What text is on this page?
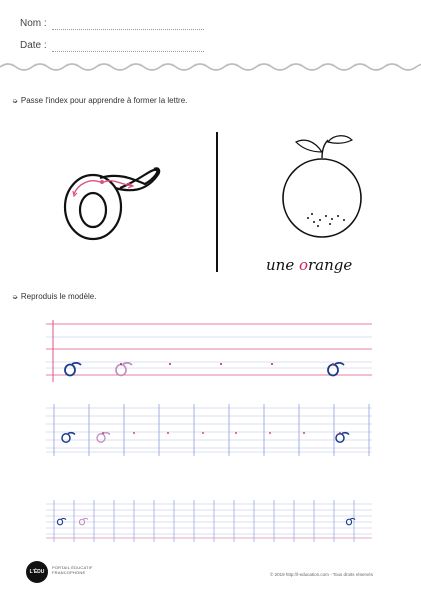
Nom :
Date :
➭ Passe l'index pour apprendre à former la lettre.
une orange
➭ Reproduis le modèle.
L'ÉDU
PORTAIL ÉDUCATIF
FRANCOPHONE	© 2019 http://l-education.com - Tous droits réservés
